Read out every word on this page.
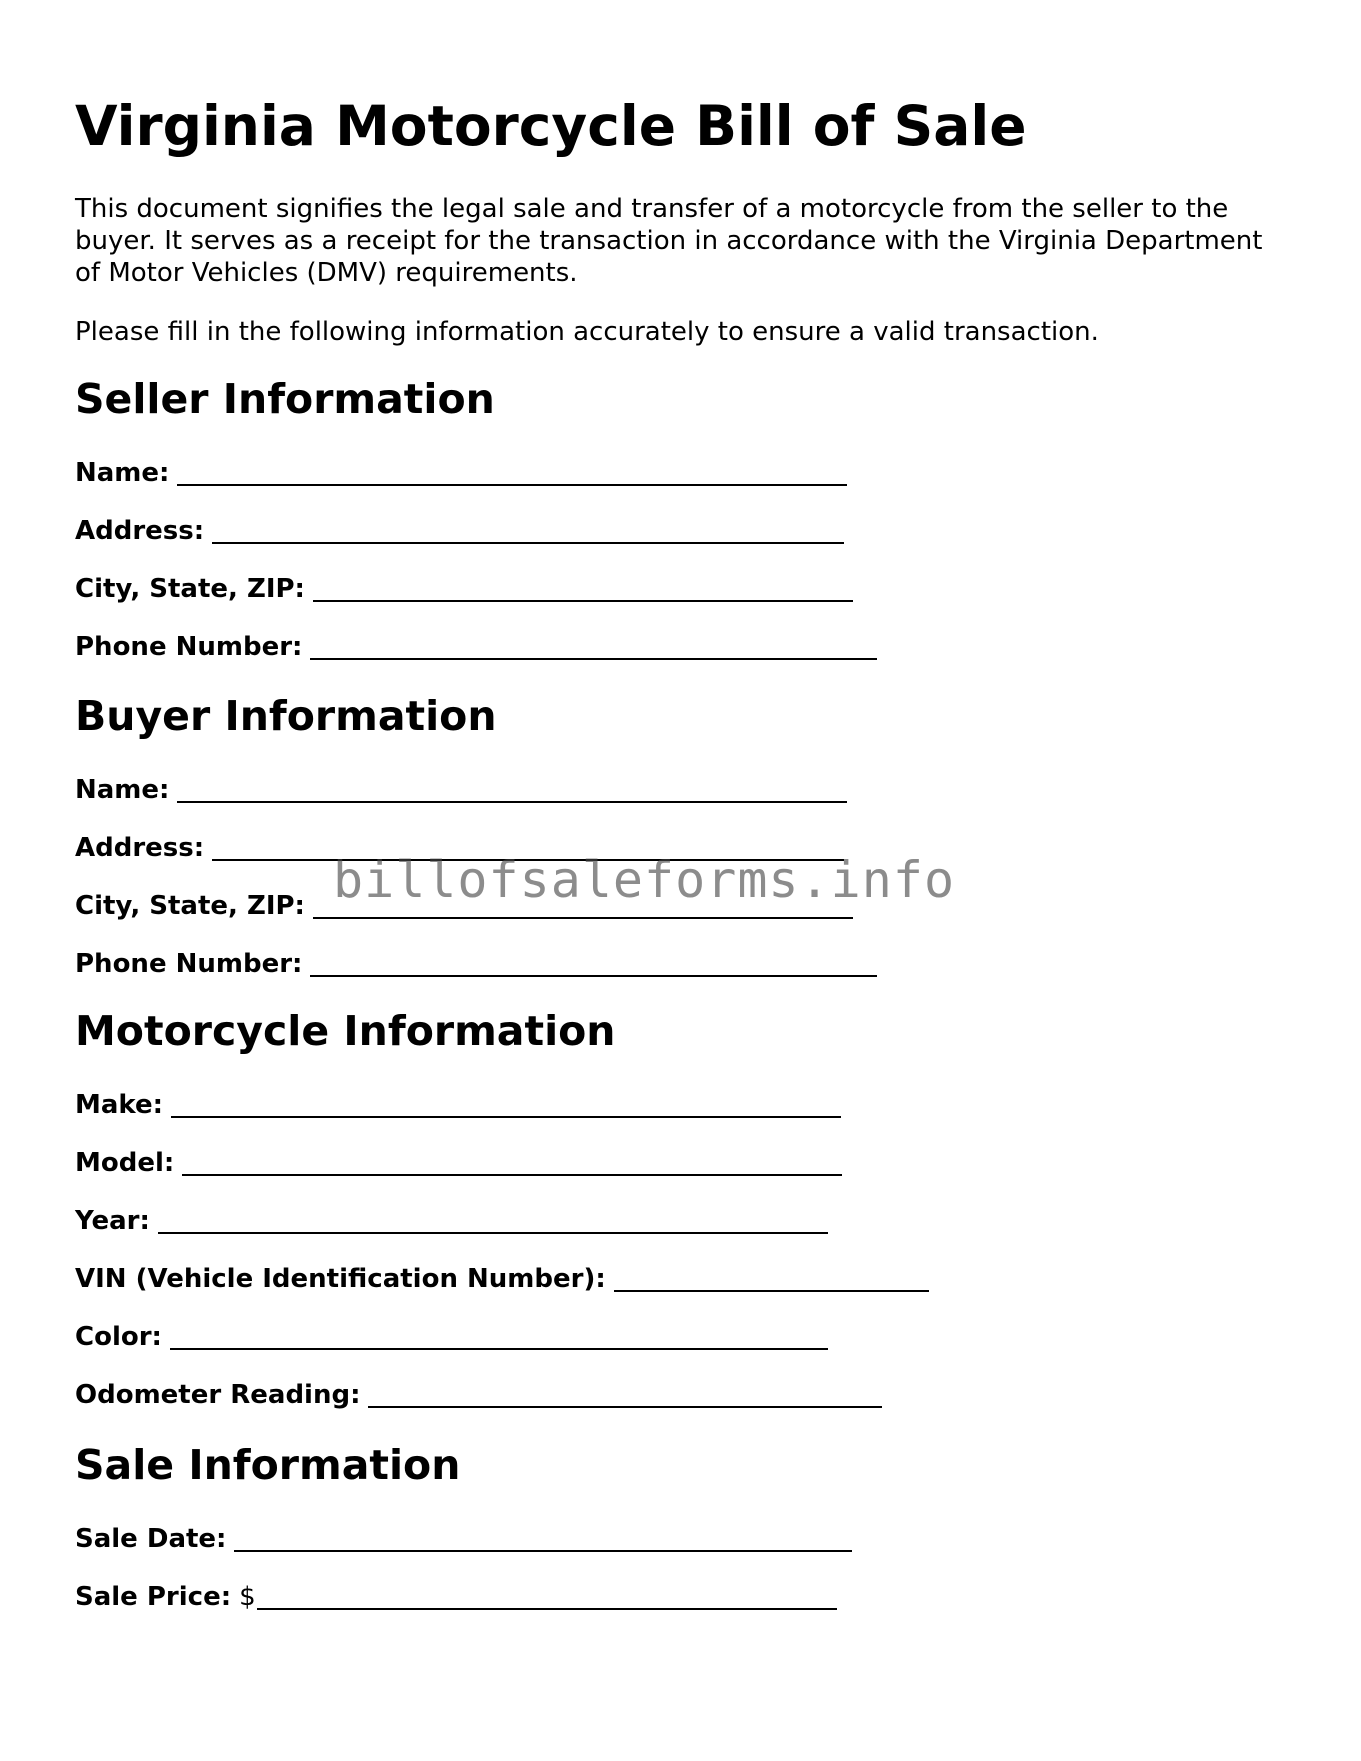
Virginia Motorcycle Bill of Sale

This document signifies the legal sale and transfer of a motorcycle from the seller to the buyer. It serves as a receipt for the transaction in accordance with the Virginia Department of Motor Vehicles (DMV) requirements.

Please fill in the following information accurately to ensure a valid transaction.

Seller Information
Name:
Address:
City, State, ZIP:
Phone Number:
Buyer Information
Name:
Address:
City, State, ZIP:
Phone Number:
Motorcycle Information
Make:
Model:
Year:
VIN (Vehicle Identification Number):
Color:
Odometer Reading:
Sale Information
Sale Date:
Sale Price: $
billofsaleforms.info
